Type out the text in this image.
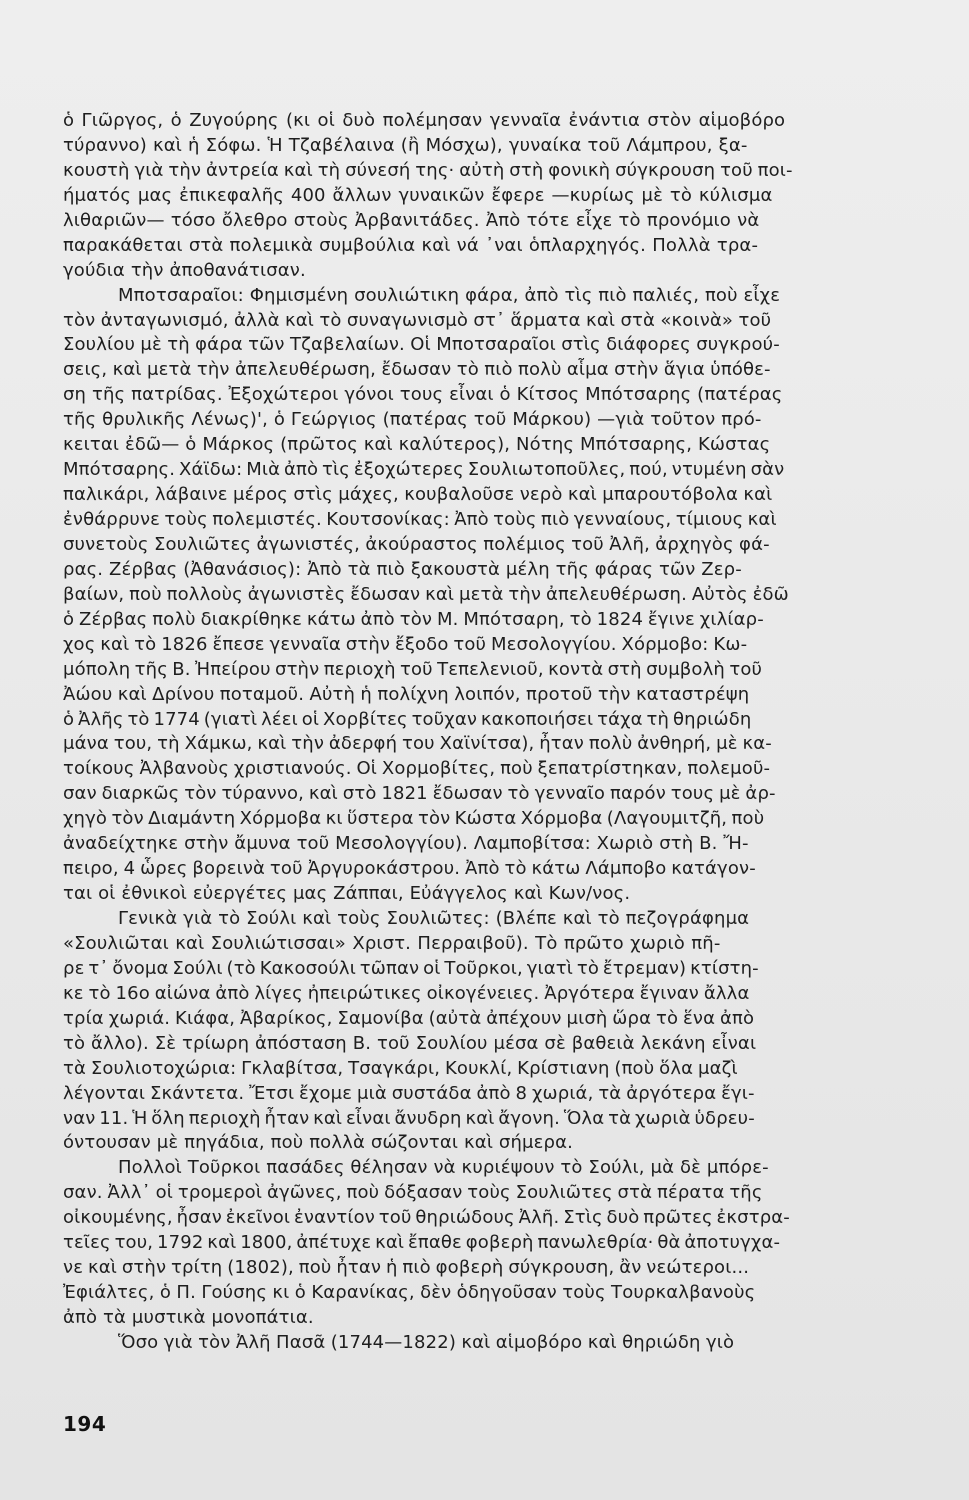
ὁ Γιῶργος, ὁ Ζυγούρης (κι οἱ δυὸ πολέμησαν γενναῖα ἐνάντια στὸν αἱμοβόρο
τύραννο) καὶ ἡ Σόφω. Ἡ Τζαβέλαινα (ἢ Μόσχω), γυναίκα τοῦ Λάμπρου, ξα-
κουστὴ γιὰ τὴν ἀντρεία καὶ τὴ σύνεσή της· αὐτὴ στὴ φονικὴ σύγκρουση τοῦ ποι-
ήματός μας ἐπικεφαλῆς 400 ἄλλων γυναικῶν ἔφερε —κυρίως μὲ τὸ κύλισμα
λιθαριῶν— τόσο ὄλεθρο στοὺς Ἀρβανιτάδες. Ἀπὸ τότε εἶχε τὸ προνόμιο νὰ
παρακάθεται στὰ πολεμικὰ συμβούλια καὶ νά ᾽ναι ὁπλαρχηγός. Πολλὰ τρα-
γούδια τὴν ἀποθανάτισαν.
Μποτσαραῖοι: Φημισμένη σουλιώτικη φάρα, ἀπὸ τὶς πιὸ παλιές, ποὺ εἶχε
τὸν ἀνταγωνισμό, ἀλλὰ καὶ τὸ συναγωνισμὸ στ᾽ ἅρματα καὶ στὰ «κοινὰ» τοῦ
Σουλίου μὲ τὴ φάρα τῶν Τζαβελαίων. Οἱ Μποτσαραῖοι στὶς διάφορες συγκρού-
σεις, καὶ μετὰ τὴν ἀπελευθέρωση, ἔδωσαν τὸ πιὸ πολὺ αἷμα στὴν ἅγια ὑπόθε-
ση τῆς πατρίδας. Ἐξοχώτεροι γόνοι τους εἶναι ὁ Κίτσος Μπότσαρης (πατέρας
τῆς θρυλικῆς Λένως)', ὁ Γεώργιος (πατέρας τοῦ Μάρκου) —γιὰ τοῦτον πρό-
κειται ἐδῶ— ὁ Μάρκος (πρῶτος καὶ καλύτερος), Νότης Μπότσαρης, Κώστας
Μπότσαρης. Χάϊδω: Μιὰ ἀπὸ τὶς ἐξοχώτερες Σουλιωτοποῦλες, πού, ντυμένη σὰν
παλικάρι, λάβαινε μέρος στὶς μάχες, κουβαλοῦσε νερὸ καὶ μπαρουτόβολα καὶ
ἐνθάρρυνε τοὺς πολεμιστές. Κουτσονίκας: Ἀπὸ τοὺς πιὸ γενναίους, τίμιους καὶ
συνετοὺς Σουλιῶτες ἀγωνιστές, ἀκούραστος πολέμιος τοῦ Ἀλῆ, ἀρχηγὸς φά-
ρας. Ζέρβας (Ἀθανάσιος): Ἀπὸ τὰ πιὸ ξακουστὰ μέλη τῆς φάρας τῶν Ζερ-
βαίων, ποὺ πολλοὺς ἀγωνιστὲς ἔδωσαν καὶ μετὰ τὴν ἀπελευθέρωση. Αὐτὸς ἐδῶ
ὁ Ζέρβας πολὺ διακρίθηκε κάτω ἀπὸ τὸν Μ. Μπότσαρη, τὸ 1824 ἔγινε χιλίαρ-
χος καὶ τὸ 1826 ἔπεσε γενναῖα στὴν ἔξοδο τοῦ Μεσολογγίου. Χόρμοβο: Κω-
μόπολη τῆς Β. Ἠπείρου στὴν περιοχὴ τοῦ Τεπελενιοῦ, κοντὰ στὴ συμβολὴ τοῦ
Ἀώου καὶ Δρίνου ποταμοῦ. Αὐτὴ ἡ πολίχνη λοιπόν, προτοῦ τὴν καταστρέψη
ὁ Ἀλῆς τὸ 1774 (γιατὶ λέει οἱ Χορβίτες τοῦχαν κακοποιήσει τάχα τὴ θηριώδη
μάνα του, τὴ Χάμκω, καὶ τὴν ἀδερφή του Χαϊνίτσα), ἦταν πολὺ ἀνθηρή, μὲ κα-
τοίκους Ἀλβανοὺς χριστιανούς. Οἱ Χορμοβίτες, ποὺ ξεπατρίστηκαν, πολεμοῦ-
σαν διαρκῶς τὸν τύραννο, καὶ στὸ 1821 ἔδωσαν τὸ γενναῖο παρόν τους μὲ ἀρ-
χηγὸ τὸν Διαμάντη Χόρμοβα κι ὕστερα τὸν Κώστα Χόρμοβα (Λαγουμιτζῆ, ποὺ
ἀναδείχτηκε στὴν ἄμυνα τοῦ Μεσολογγίου). Λαμποβίτσα: Χωριὸ στὴ Β. Ἤ-
πειρο, 4 ὧρες βορεινὰ τοῦ Ἀργυροκάστρου. Ἀπὸ τὸ κάτω Λάμποβο κατάγον-
ται οἱ ἐθνικοὶ εὐεργέτες μας Ζάππαι, Εὐάγγελος καὶ Κων/νος.
Γενικὰ γιὰ τὸ Σούλι καὶ τοὺς Σουλιῶτες: (Βλέπε καὶ τὸ πεζογράφημα
«Σουλιῶται καὶ Σουλιώτισσαι» Χριστ. Περραιβοῦ). Τὸ πρῶτο χωριὸ πῆ-
ρε τ᾽ ὄνομα Σούλι (τὸ Κακοσούλι τῶπαν οἱ Τοῦρκοι, γιατὶ τὸ ἔτρεμαν) κτίστη-
κε τὸ 16ο αἰώνα ἀπὸ λίγες ἠπειρώτικες οἰκογένειες. Ἀργότερα ἔγιναν ἄλλα
τρία χωριά. Κιάφα, Ἀβαρίκος, Σαμονίβα (αὐτὰ ἀπέχουν μισὴ ὥρα τὸ ἕνα ἀπὸ
τὸ ἄλλο). Σὲ τρίωρη ἀπόσταση Β. τοῦ Σουλίου μέσα σὲ βαθειὰ λεκάνη εἶναι
τὰ Σουλιοτοχώρια: Γκλαβίτσα, Τσαγκάρι, Κουκλί, Κρίστιανη (ποὺ ὅλα μαζὶ
λέγονται Σκάντετα. Ἔτσι ἔχομε μιὰ συστάδα ἀπὸ 8 χωριά, τὰ ἀργότερα ἔγι-
ναν 11. Ἡ ὅλη περιοχὴ ἦταν καὶ εἶναι ἄνυδρη καὶ ἄγονη. Ὅλα τὰ χωριὰ ὑδρευ-
όντουσαν μὲ πηγάδια, ποὺ πολλὰ σώζονται καὶ σήμερα.
Πολλοὶ Τοῦρκοι πασάδες θέλησαν νὰ κυριέψουν τὸ Σούλι, μὰ δὲ μπόρε-
σαν. Ἀλλ᾽ οἱ τρομεροὶ ἀγῶνες, ποὺ δόξασαν τοὺς Σουλιῶτες στὰ πέρατα τῆς
οἰκουμένης, ἦσαν ἐκεῖνοι ἐναντίον τοῦ θηριώδους Ἀλῆ. Στὶς δυὸ πρῶτες ἐκστρα-
τεῖες του, 1792 καὶ 1800, ἀπέτυχε καὶ ἔπαθε φοβερὴ πανωλεθρία· θὰ ἀποτυγχα-
νε καὶ στὴν τρίτη (1802), ποὺ ἦταν ἡ πιὸ φοβερὴ σύγκρουση, ἂν νεώτεροι...
Ἐφιάλτες, ὁ Π. Γούσης κι ὁ Καρανίκας, δὲν ὁδηγοῦσαν τοὺς Τουρκαλβανοὺς
ἀπὸ τὰ μυστικὰ μονοπάτια.
Ὅσο γιὰ τὸν Ἀλῆ Πασᾶ (1744—1822) καὶ αἱμοβόρο καὶ θηριώδη γιὸ
194
